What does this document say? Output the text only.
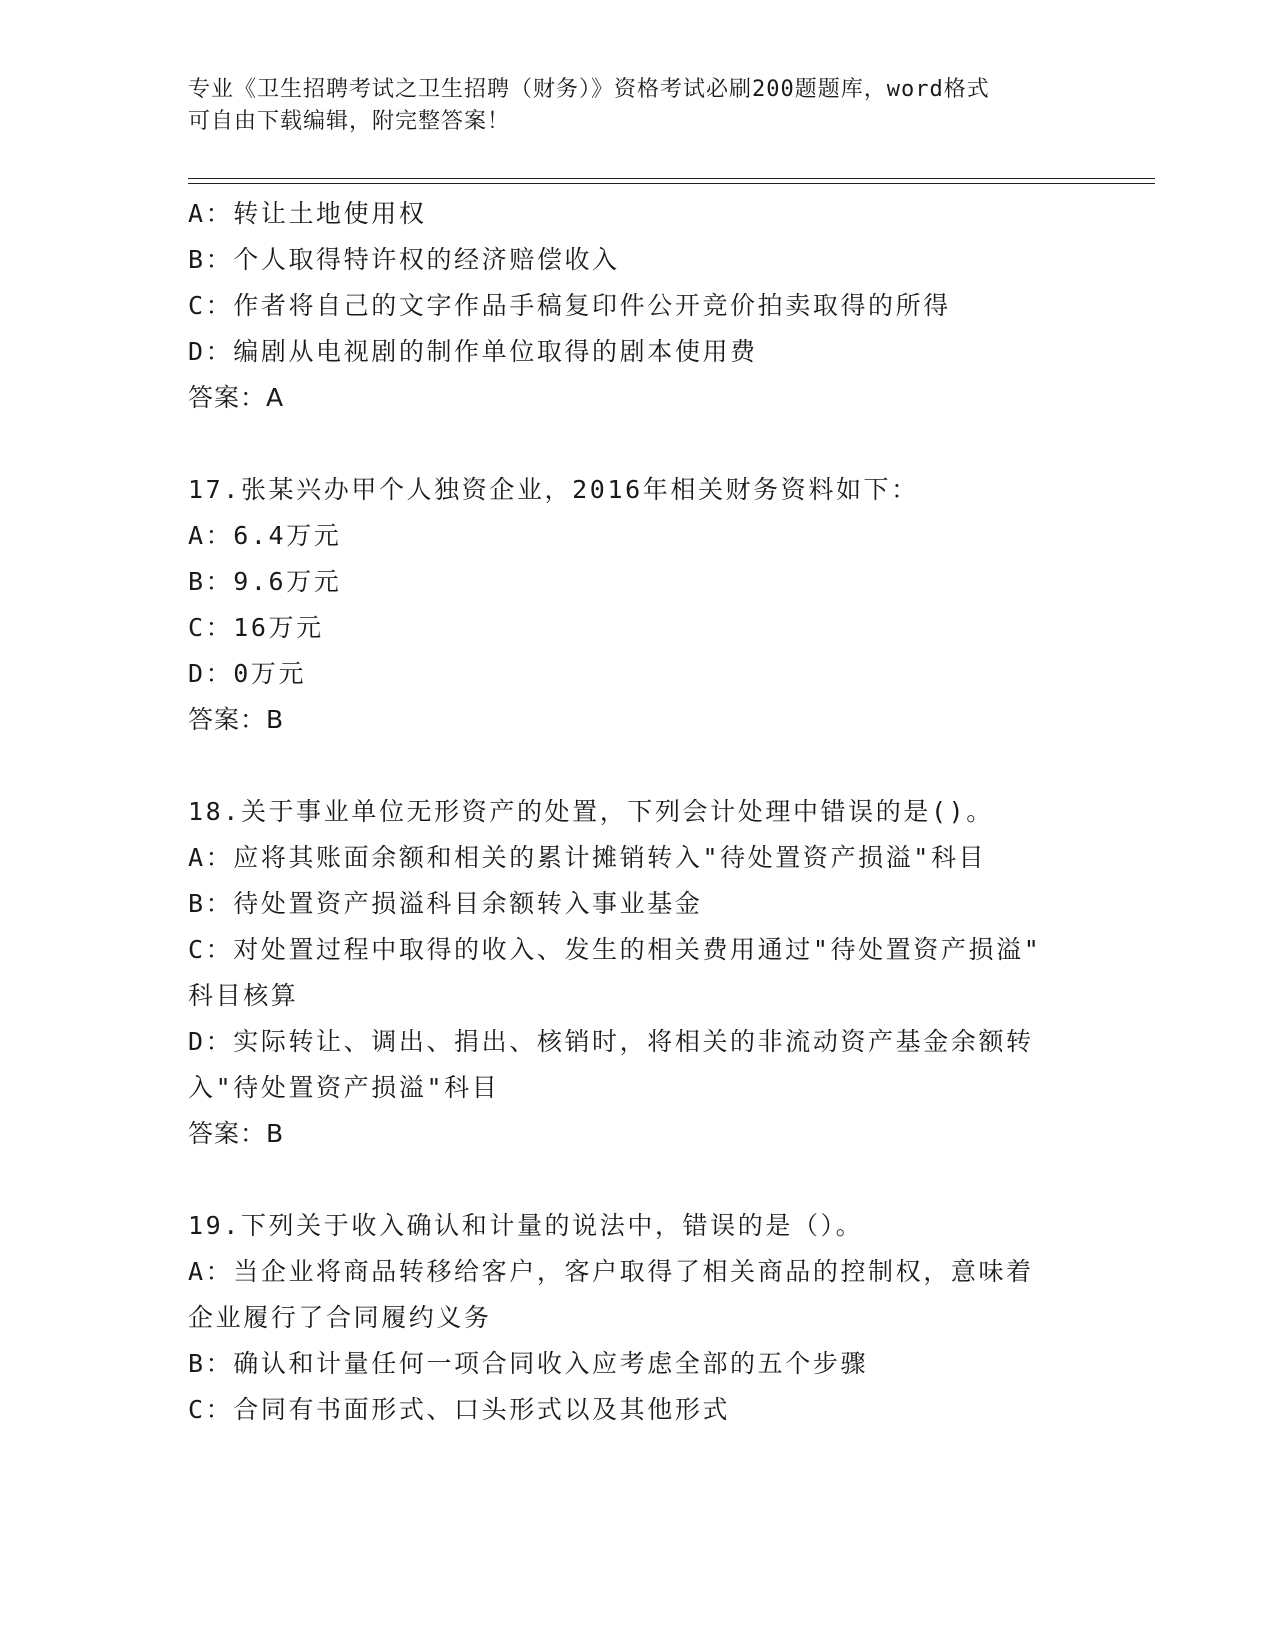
专业《卫生招聘考试之卫生招聘（财务）》资格考试必刷200题题库，word格式
可自由下载编辑，附完整答案！
A：转让土地使用权
B：个人取得特许权的经济赔偿收入
C：作者将自己的文字作品手稿复印件公开竞价拍卖取得的所得
D：编剧从电视剧的制作单位取得的剧本使用费
答案：A
17.张某兴办甲个人独资企业，2016年相关财务资料如下：
A：6.4万元
B：9.6万元
C：16万元
D：0万元
答案：B
18.关于事业单位无形资产的处置，下列会计处理中错误的是()。
A：应将其账面余额和相关的累计摊销转入"待处置资产损溢"科目
B：待处置资产损溢科目余额转入事业基金
C：对处置过程中取得的收入、发生的相关费用通过"待处置资产损溢"
科目核算
D：实际转让、调出、捐出、核销时，将相关的非流动资产基金余额转
入"待处置资产损溢"科目
答案：B
19.下列关于收入确认和计量的说法中，错误的是（）。
A：当企业将商品转移给客户，客户取得了相关商品的控制权，意味着
企业履行了合同履约义务
B：确认和计量任何一项合同收入应考虑全部的五个步骤
C：合同有书面形式、口头形式以及其他形式
